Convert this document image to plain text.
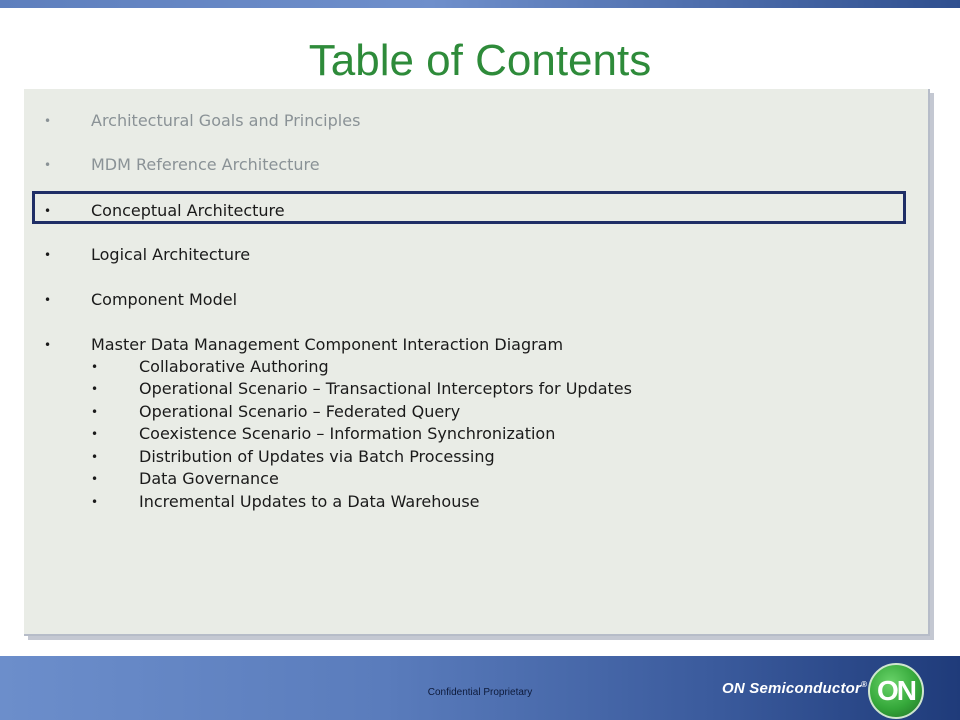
Table of Contents
• Architectural Goals and Principles
• MDM Reference Architecture
• Conceptual Architecture
• Logical Architecture
• Component Model
• Master Data Management Component Interaction Diagram
•	Collaborative Authoring
•	Operational Scenario – Transactional Interceptors for Updates
•	Operational Scenario – Federated Query
•	Coexistence Scenario – Information Synchronization
•	Distribution of Updates via Batch Processing
•	Data Governance
•	Incremental Updates to a Data Warehouse
Confidential Proprietary	ON Semiconductor® ON
